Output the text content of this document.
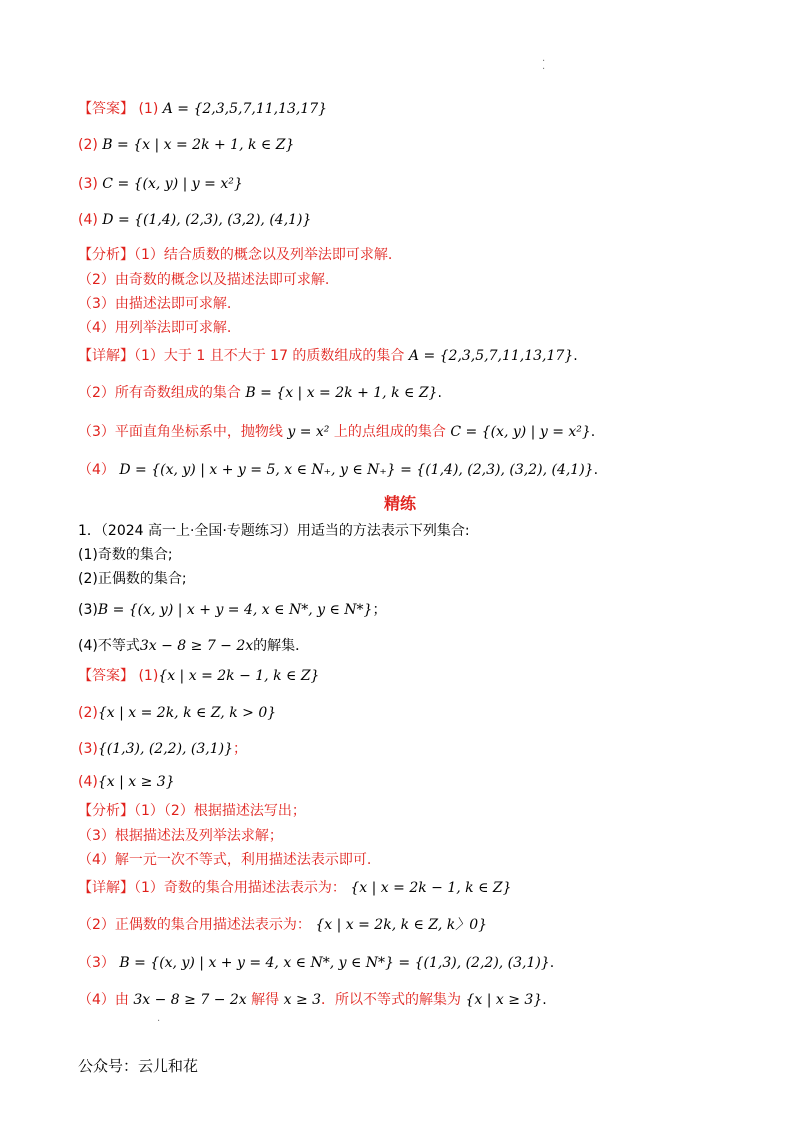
·
·
【答案】 (1) A = {2,3,5,7,11,13,17}
(2) B = {x | x = 2k + 1, k ∈ Z}
(3) C = {(x, y) | y = x²}
(4) D = {(1,4), (2,3), (3,2), (4,1)}
【分析】（1）结合质数的概念以及列举法即可求解.
（2）由奇数的概念以及描述法即可求解.
（3）由描述法即可求解.
（4）用列举法即可求解.
【详解】（1）大于 1 且不大于 17 的质数组成的集合 A = {2,3,5,7,11,13,17}.
（2）所有奇数组成的集合 B = {x | x = 2k + 1, k ∈ Z}.
（3）平面直角坐标系中，抛物线 y = x² 上的点组成的集合 C = {(x, y) | y = x²}.
（4） D = {(x, y) | x + y = 5, x ∈ N₊, y ∈ N₊} = {(1,4), (2,3), (3,2), (4,1)}.
精练
1．（2024 高一上·全国·专题练习）用适当的方法表示下列集合:
(1)奇数的集合;
(2)正偶数的集合;
(3)B = {(x, y) | x + y = 4, x ∈ N*, y ∈ N*}；
(4)不等式3x − 8 ≥ 7 − 2x的解集．
【答案】 (1){x | x = 2k − 1, k ∈ Z}
(2){x | x = 2k, k ∈ Z, k > 0}
(3){(1,3), (2,2), (3,1)}；
(4){x | x ≥ 3}
【分析】（1）（2）根据描述法写出；
（3）根据描述法及列举法求解；
（4）解一元一次不等式，利用描述法表示即可.
【详解】（1）奇数的集合用描述法表示为： {x | x = 2k − 1, k ∈ Z}
（2）正偶数的集合用描述法表示为： {x | x = 2k, k ∈ Z, k〉0}
（3） B = {(x, y) | x + y = 4, x ∈ N*, y ∈ N*} = {(1,3), (2,2), (3,1)}.
（4）由 3x − 8 ≥ 7 − 2x 解得 x ≥ 3．所以不等式的解集为 {x | x ≥ 3}.
·
公众号：云儿和花
